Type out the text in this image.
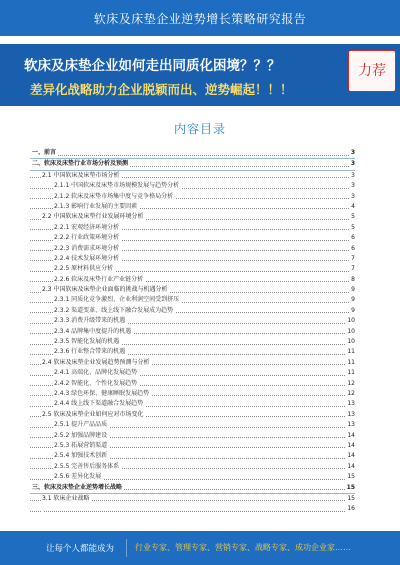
软床及床垫企业逆势增长策略研究报告
软床及床垫企业如何走出同质化困境？？？
差异化战略助力企业脱颖而出、逆势崛起！！！
力荐
内容目录
一、前言	3
二、软床及床垫行业市场分析及预测	3
2.1 中国软床及床垫市场分析	3
2.1.1 中国软床及床垫市场规模发展与趋势分析	3
2.1.2 软床及床垫市场集中度与竞争格局分析	3
2.1.3 影响行业发展的主要因素	4
2.2 中国软床及床垫行业发展环境分析	5
2.2.1 宏观经济环境分析	5
2.2.2 行业政策环境分析	6
2.2.3 消费需求环境分析	6
2.2.4 技术发展环境分析	7
2.2.5 原材料供应分析	7
2.2.6 软床及床垫行业产业链分析	8
2.3 中国软床及床垫企业面临的挑战与机遇分析	9
2.3.1 同质化竞争激烈、企业利润空间受到挤压	9
2.3.2 渠道变革、线上线下融合发展成为趋势	9
2.3.3 消费升级带来的机遇	10
2.3.4 品牌集中度提升的机遇	10
2.3.5 智能化发展的机遇	10
2.3.6 行业整合带来的机遇	11
2.4 软床及床垫企业发展趋势预测与分析	11
2.4.1 高端化、品牌化发展趋势	11
2.4.2 智能化、个性化发展趋势	12
2.4.3 绿色环保、健康睡眠发展趋势	12
2.4.4 线上线下渠道融合发展趋势	13
2.5 软床及床垫企业如何应对市场变化	13
2.5.1 提升产品品质	13
2.5.2 加强品牌建设	14
2.5.3 拓展营销渠道	14
2.5.4 加强技术创新	14
2.5.5 完善售后服务体系	14
2.5.6 差异化发展	15
三、软床及床垫企业逆势增长战略	15
3.1 软床企业战略	15
16
让每个人都能成为	行业专家、管理专家、营销专家、战略专家、成功企业家……
